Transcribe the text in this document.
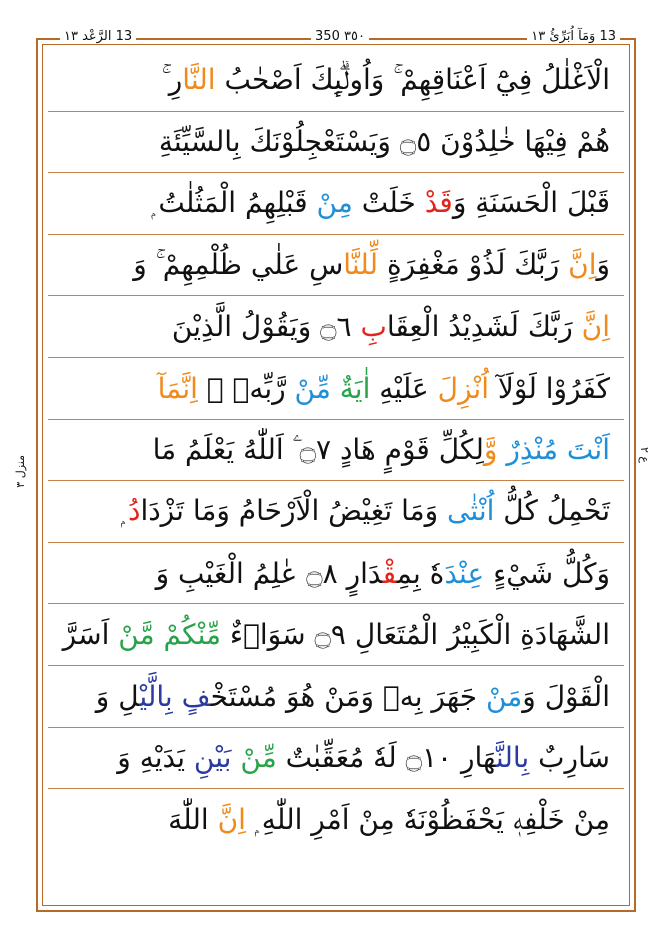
13 الرَّعْد ١٣	٣٥٠ 350	13 وَمَآ اُبَرِّئُ ١٣
منزل ٣
ع ٢
الْاَغْلٰلُ فِيْٓ اَعْنَاقِهِمْ ۚ وَاُولٰۗىِٕكَ اَصْحٰبُ النَّارِ ۚ
هُمْ فِيْهَا خٰلِدُوْنَ ۝٥ وَيَسْتَعْجِلُوْنَكَ بِالسَّيِّئَةِ
قَبْلَ الْحَسَنَةِ وَقَدْ خَلَتْ مِنْ قَبْلِهِمُ الْمَثُلٰتُ ۭ
وَاِنَّ رَبَّكَ لَذُوْ مَغْفِرَةٍ لِّلنَّاسِ عَلٰي ظُلْمِهِمْ ۚ وَ
اِنَّ رَبَّكَ لَشَدِيْدُ الْعِقَابِ ۝٦ وَيَقُوْلُ الَّذِيْنَ
كَفَرُوْا لَوْلَآ اُنْزِلَ عَلَيْهِ اٰيَةٌ مِّنْ رَّبِّهٖ ۭ اِنَّمَآ
اَنْتَ مُنْذِرٌ وَّلِكُلِّ قَوْمٍ هَادٍ ۝٧ ۧ اَللّٰهُ يَعْلَمُ مَا
تَحْمِلُ كُلُّ اُنْثٰى وَمَا تَغِيْضُ الْاَرْحَامُ وَمَا تَزْدَادُ ۭ
وَكُلُّ شَيْءٍ عِنْدَهٗ بِمِقْدَارٍ ۝٨ عٰلِمُ الْغَيْبِ وَ
الشَّهَادَةِ الْكَبِيْرُ الْمُتَعَالِ ۝٩ سَوَاۗءٌ مِّنْكُمْ مَّنْ اَسَرَّ
الْقَوْلَ وَمَنْ جَهَرَ بِهٖ وَمَنْ هُوَ مُسْتَخْفٍ بِالَّيْلِ وَ
سَارِبٌ بِالنَّهَارِ ۝١٠ لَهٗ مُعَقِّبٰتٌ مِّنْ بَيْنِ يَدَيْهِ وَ
مِنْ خَلْفِهٖ يَحْفَظُوْنَهٗ مِنْ اَمْرِ اللّٰهِ ۭ اِنَّ اللّٰهَ
